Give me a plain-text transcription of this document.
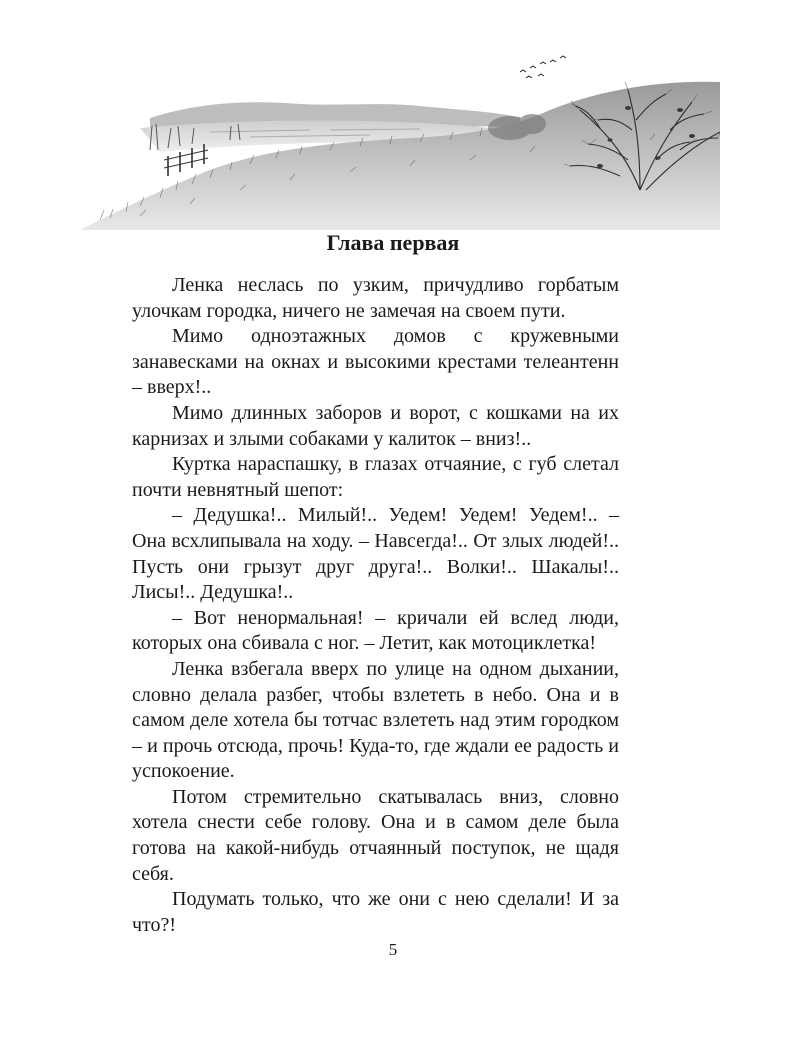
Глава первая

Ленка неслась по узким, причудливо горбатым улочкам городка, ничего не замечая на своем пути.

Мимо одноэтажных домов с кружевными занавесками на окнах и высокими крестами телеантенн – вверх!..

Мимо длинных заборов и ворот, с кошками на их карнизах и злыми собаками у калиток – вниз!..

Куртка нараспашку, в глазах отчаяние, с губ слетал почти невнятный шепот:

– Дедушка!.. Милый!.. Уедем! Уедем! Уедем!.. – Она всхлипывала на ходу. – Навсегда!.. От злых людей!.. Пусть они грызут друг друга!.. Волки!.. Шакалы!.. Лисы!.. Дедушка!..

– Вот ненормальная! – кричали ей вслед люди, которых она сбивала с ног. – Летит, как мотоциклетка!

Ленка взбегала вверх по улице на одном дыхании, словно делала разбег, чтобы взлететь в небо. Она и в самом деле хотела бы тотчас взлететь над этим городком – и прочь отсюда, прочь! Куда-то, где ждали ее радость и успокоение.

Потом стремительно скатывалась вниз, словно хотела снести себе голову. Она и в самом деле была готова на какой-нибудь отчаянный поступок, не щадя себя.

Подумать только, что же они с нею сделали! И за что?!

5
